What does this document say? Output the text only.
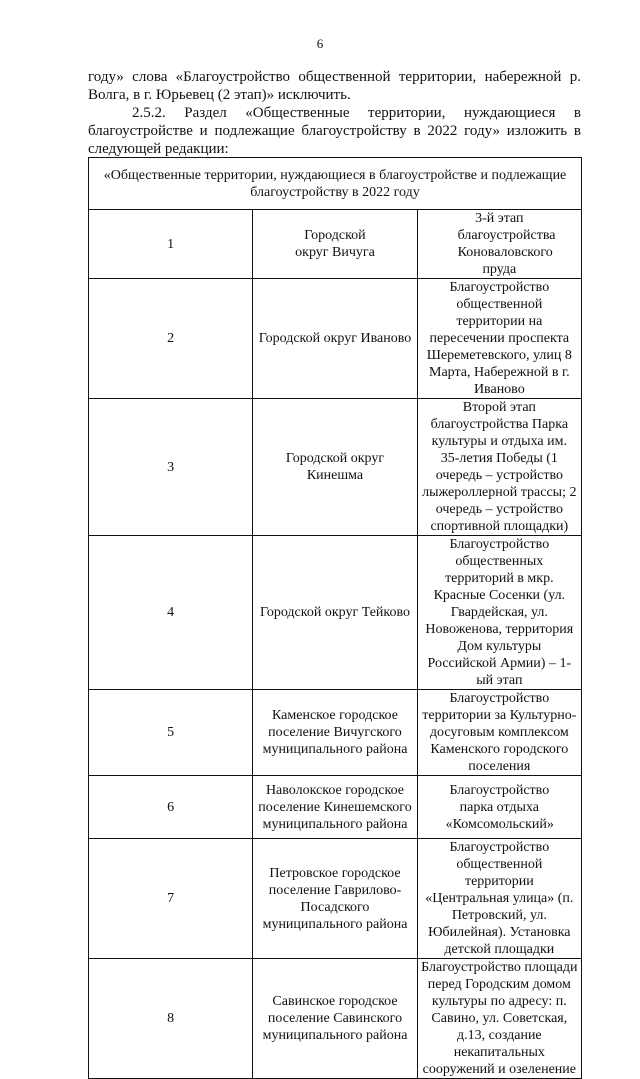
6

году» слова «Благоустройство общественной территории, набережной р. Волга, в г. Юрьевец (2 этап)» исключить.

2.5.2. Раздел «Общественные территории, нуждающиеся в благоустройстве и подлежащие благоустройству в 2022 году» изложить в следующей редакции:

«Общественные территории, нуждающиеся в благоустройстве и подлежащие благоустройству в 2022 году		
1	Городской округ Вичуга	3-й этап благоустройства Коноваловского пруда
2	Городской округ Иваново	Благоустройство общественной территории на пересечении проспекта Шереметевского, улиц 8 Марта, Набережной в г. Иваново
3	Городской округ Кинешма	Второй этап благоустройства Парка культуры и отдыха им. 35-летия Победы (1 очередь – устройство лыжероллерной трассы; 2 очередь – устройство спортивной площадки)
4	Городской округ Тейково	Благоустройство общественных территорий в мкр. Красные Сосенки (ул. Гвардейская, ул. Новоженова, территория Дом культуры Российской Армии) – 1-ый этап
5	Каменское городское поселение Вичугского муниципального района	Благоустройство территории за Культурно-досуговым комплексом Каменского городского поселения
6	Наволокское городское поселение Кинешемского муниципального района	Благоустройство парка отдыха «Комсомольский»
7	Петровское городское поселение Гаврилово-Посадского муниципального района	Благоустройство общественной территории «Центральная улица» (п. Петровский, ул. Юбилейная). Установка детской площадки
8	Савинское городское поселение Савинского муниципального района	Благоустройство площади перед Городским домом культуры по адресу: п. Савино, ул. Советская, д.13, создание некапитальных сооружений и озеленение
